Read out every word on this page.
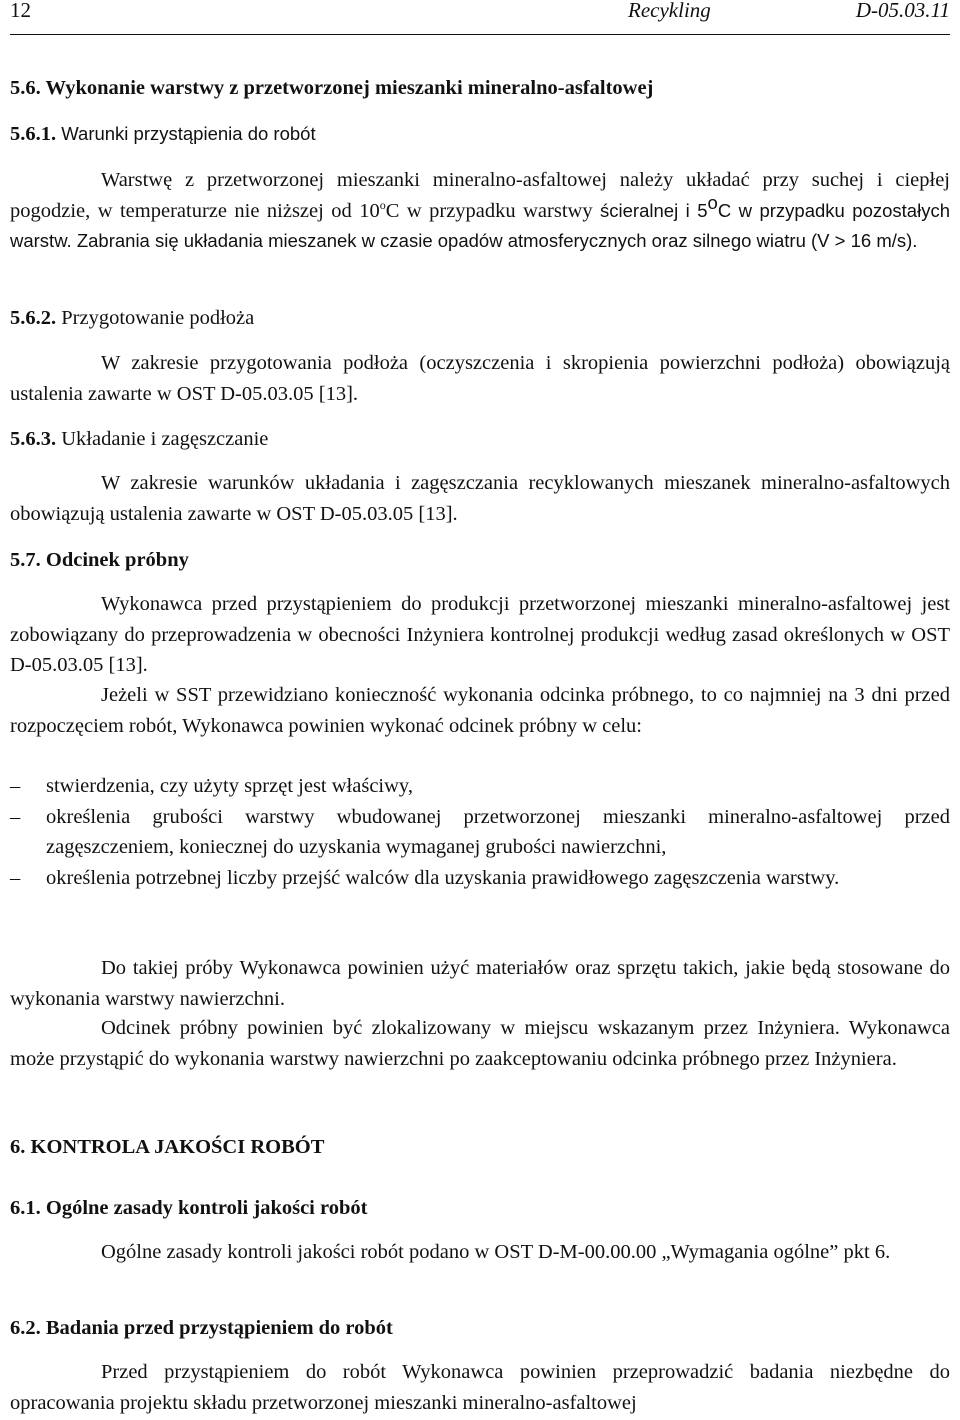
12	Recykling	D-05.03.11
5.6. Wykonanie warstwy z przetworzonej mieszanki mineralno-asfaltowej
5.6.1. Warunki przystąpienia do robót
Warstwę z przetworzonej mieszanki mineralno-asfaltowej należy układać przy suchej i ciepłej pogodzie, w temperaturze nie niższej od 10$^o$C w przypadku warstwy ścieralnej i 5$^o$C w przypadku pozostałych warstw. Zabrania się układania mieszanek w czasie opadów atmosferycznych oraz silnego wiatru (V > 16 m/s).
5.6.2. Przygotowanie podłoża
W zakresie przygotowania podłoża (oczyszczenia i skropienia powierzchni podłoża) obowiązują ustalenia zawarte w OST D-05.03.05 [13].
5.6.3. Układanie i zagęszczanie
W zakresie warunków układania i zagęszczania recyklowanych mieszanek mineralno-asfaltowych obowiązują ustalenia zawarte w OST D-05.03.05 [13].
5.7. Odcinek próbny
Wykonawca przed przystąpieniem do produkcji przetworzonej mieszanki mineralno-asfaltowej jest zobowiązany do przeprowadzenia w obecności Inżyniera kontrolnej produkcji według zasad określonych w OST D-05.03.05 [13].
Jeżeli w SST przewidziano konieczność wykonania odcinka próbnego, to co najmniej na 3 dni przed rozpoczęciem robót, Wykonawca powinien wykonać odcinek próbny w celu:
– stwierdzenia, czy użyty sprzęt jest właściwy,
– określenia grubości warstwy wbudowanej przetworzonej mieszanki mineralno-asfaltowej przed zagęszczeniem, koniecznej do uzyskania wymaganej grubości nawierzchni,
– określenia potrzebnej liczby przejść walców dla uzyskania prawidłowego zagęszczenia warstwy.
Do takiej próby Wykonawca powinien użyć materiałów oraz sprzętu takich, jakie będą stosowane do wykonania warstwy nawierzchni.
Odcinek próbny powinien być zlokalizowany w miejscu wskazanym przez Inżyniera. Wykonawca może przystąpić do wykonania warstwy nawierzchni po zaakceptowaniu odcinka próbnego przez Inżyniera.
6. KONTROLA JAKOŚCI ROBÓT
6.1. Ogólne zasady kontroli jakości robót
Ogólne zasady kontroli jakości robót podano w OST D-M-00.00.00 „Wymagania ogólne” pkt 6.
6.2. Badania przed przystąpieniem do robót
Przed przystąpieniem do robót Wykonawca powinien przeprowadzić badania niezbędne do opracowania projektu składu przetworzonej mieszanki mineralno-asfaltowej
